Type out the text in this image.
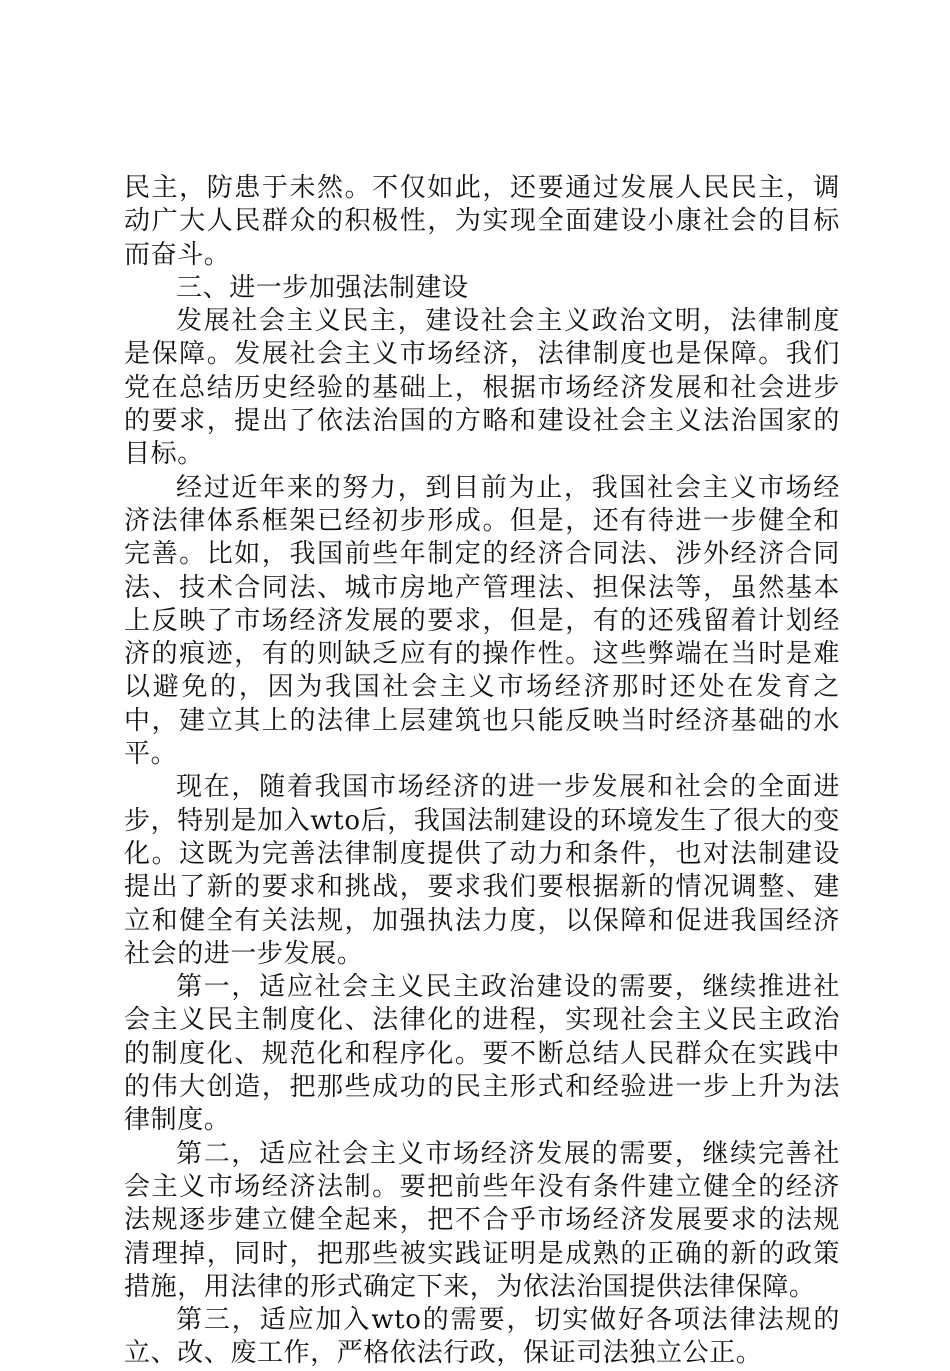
民主，防患于未然。不仅如此，还要通过发展人民民主，调动广大人民群众的积极性，为实现全面建设小康社会的目标而奋斗。

三、进一步加强法制建设

发展社会主义民主，建设社会主义政治文明，法律制度是保障。发展社会主义市场经济，法律制度也是保障。我们党在总结历史经验的基础上，根据市场经济发展和社会进步的要求，提出了依法治国的方略和建设社会主义法治国家的目标。

经过近年来的努力，到目前为止，我国社会主义市场经济法律体系框架已经初步形成。但是，还有待进一步健全和完善。比如，我国前些年制定的经济合同法、涉外经济合同法、技术合同法、城市房地产管理法、担保法等，虽然基本上反映了市场经济发展的要求，但是，有的还残留着计划经济的痕迹，有的则缺乏应有的操作性。这些弊端在当时是难以避免的，因为我国社会主义市场经济那时还处在发育之中，建立其上的法律上层建筑也只能反映当时经济基础的水平。

现在，随着我国市场经济的进一步发展和社会的全面进步，特别是加入wto后，我国法制建设的环境发生了很大的变化。这既为完善法律制度提供了动力和条件，也对法制建设提出了新的要求和挑战，要求我们要根据新的情况调整、建立和健全有关法规，加强执法力度，以保障和促进我国经济社会的进一步发展。

第一，适应社会主义民主政治建设的需要，继续推进社会主义民主制度化、法律化的进程，实现社会主义民主政治的制度化、规范化和程序化。要不断总结人民群众在实践中的伟大创造，把那些成功的民主形式和经验进一步上升为法律制度。

第二，适应社会主义市场经济发展的需要，继续完善社会主义市场经济法制。要把前些年没有条件建立健全的经济法规逐步建立健全起来，把不合乎市场经济发展要求的法规清理掉，同时，把那些被实践证明是成熟的正确的新的政策措施，用法律的形式确定下来，为依法治国提供法律保障。

第三，适应加入wto的需要，切实做好各项法律法规的立、改、废工作，严格依法行政，保证司法独立公正。
